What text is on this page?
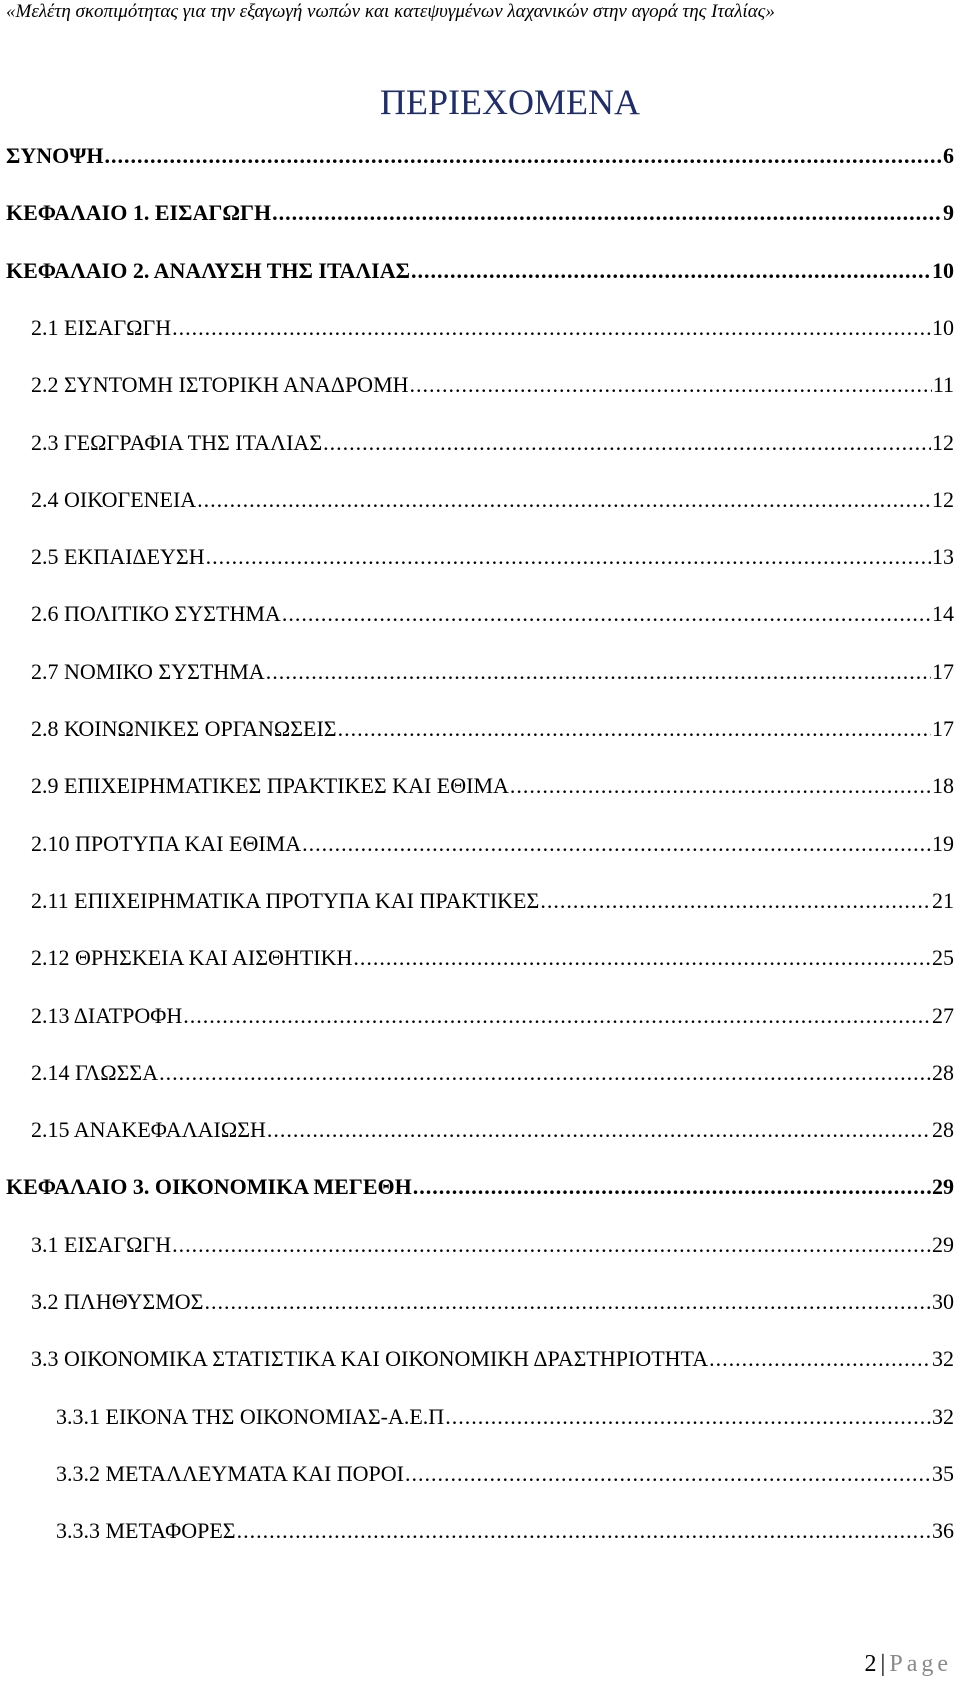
«Μελέτη σκοπιμότητας για την εξαγωγή νωπών και κατεψυγμένων λαχανικών στην αγορά της Ιταλίας»
ΠΕΡΙΕΧΟΜΕΝΑ
ΣΥΝΟΨΗ .....	6
ΚΕΦΑΛΑΙΟ 1. ΕΙΣΑΓΩΓΗ .....	9
ΚΕΦΑΛΑΙΟ 2. ΑΝΑΛΥΣΗ ΤΗΣ ΙΤΑΛΙΑΣ .....	10
2.1 ΕΙΣΑΓΩΓΗ .....	10
2.2 ΣΥΝΤΟΜΗ ΙΣΤΟΡΙΚΗ ΑΝΑΔΡΟΜΗ .....	11
2.3 ΓΕΩΓΡΑΦΙΑ ΤΗΣ ΙΤΑΛΙΑΣ .....	12
2.4 ΟΙΚΟΓΕΝΕΙΑ .....	12
2.5 ΕΚΠΑΙΔΕΥΣΗ .....	13
2.6 ΠΟΛΙΤΙΚΟ ΣΥΣΤΗΜΑ .....	14
2.7 ΝΟΜΙΚΟ ΣΥΣΤΗΜΑ .....	17
2.8 ΚΟΙΝΩΝΙΚΕΣ ΟΡΓΑΝΩΣΕΙΣ .....	17
2.9 ΕΠΙΧΕΙΡΗΜΑΤΙΚΕΣ ΠΡΑΚΤΙΚΕΣ ΚΑΙ ΕΘΙΜΑ .....	18
2.10 ΠΡΟΤΥΠΑ ΚΑΙ ΕΘΙΜΑ .....	19
2.11 ΕΠΙΧΕΙΡΗΜΑΤΙΚΑ ΠΡΟΤΥΠΑ ΚΑΙ ΠΡΑΚΤΙΚΕΣ .....	21
2.12 ΘΡΗΣΚΕΙΑ ΚΑΙ ΑΙΣΘΗΤΙΚΗ .....	25
2.13 ΔΙΑΤΡΟΦΗ .....	27
2.14 ΓΛΩΣΣΑ .....	28
2.15 ΑΝΑΚΕΦΑΛΑΙΩΣΗ .....	28
ΚΕΦΑΛΑΙΟ 3. ΟΙΚΟΝΟΜΙΚΑ ΜΕΓΕΘΗ .....	29
3.1 ΕΙΣΑΓΩΓΗ .....	29
3.2 ΠΛΗΘΥΣΜΟΣ .....	30
3.3 ΟΙΚΟΝΟΜΙΚΑ ΣΤΑΤΙΣΤΙΚΑ ΚΑΙ ΟΙΚΟΝΟΜΙΚΗ ΔΡΑΣΤΗΡΙΟΤΗΤΑ .....	32
3.3.1 ΕΙΚΟΝΑ ΤΗΣ ΟΙΚΟΝΟΜΙΑΣ-Α.Ε.Π .....	32
3.3.2 ΜΕΤΑΛΛΕΥΜΑΤΑ ΚΑΙ ΠΟΡΟΙ .....	35
3.3.3 ΜΕΤΑΦΟΡΕΣ .....	36
2 | Page
